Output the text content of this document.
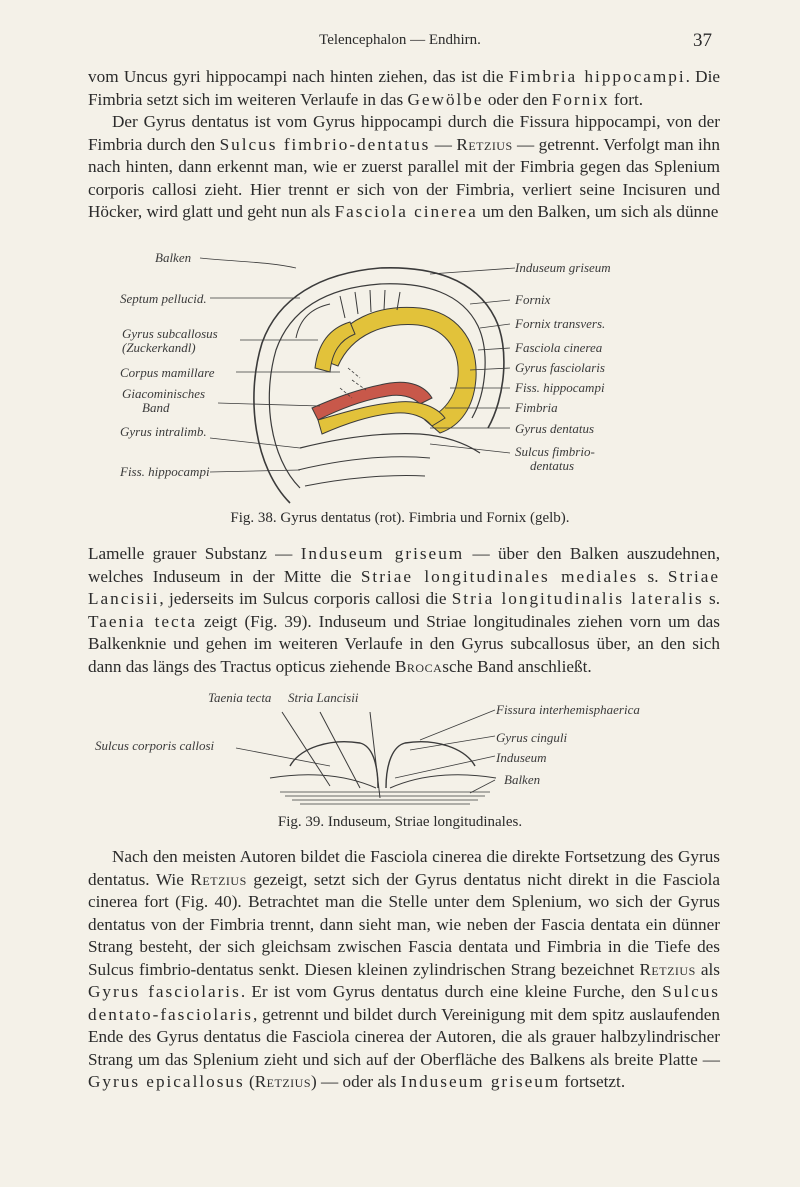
Telencephalon — Endhirn.	37

vom Uncus gyri hippocampi nach hinten ziehen, das ist die Fimbria hippocampi. Die Fimbria setzt sich im weiteren Verlaufe in das Gewölbe oder den Fornix fort.

Der Gyrus dentatus ist vom Gyrus hippocampi durch die Fissura hippocampi, von der Fimbria durch den Sulcus fimbrio-dentatus — Retzius — getrennt. Verfolgt man ihn nach hinten, dann erkennt man, wie er zuerst parallel mit der Fimbria gegen das Splenium corporis callosi zieht. Hier trennt er sich von der Fimbria, verliert seine Incisuren und Höcker, wird glatt und geht nun als Fasciola cinerea um den Balken, um sich als dünne

Balken
Septum pellucid.
Gyrus subcallosus
(Zuckerkandl)
Corpus mamillare
Giacominisches
Band
Gyrus intralimb.
Fiss. hippocampi
Induseum griseum
Fornix
Fornix transvers.
Fasciola cinerea
Gyrus fasciolaris
Fiss. hippocampi
Fimbria
Gyrus dentatus
Sulcus fimbrio-
dentatus
Fig. 38. Gyrus dentatus (rot). Fimbria und Fornix (gelb).

Lamelle grauer Substanz — Induseum griseum — über den Balken auszudehnen, welches Induseum in der Mitte die Striae longitudinales mediales s. Striae Lancisii, jederseits im Sulcus corporis callosi die Stria longitudinalis lateralis s. Taenia tecta zeigt (Fig. 39). Induseum und Striae longitudinales ziehen vorn um das Balkenknie und gehen im weiteren Verlaufe in den Gyrus subcallosus über, an den sich dann das längs des Tractus opticus ziehende Brocasche Band anschließt.

Taenia tecta Stria Lancisii
Sulcus corporis callosi
Fissura interhemisphaerica
Gyrus cinguli
Induseum
Balken
Fig. 39. Induseum, Striae longitudinales.

Nach den meisten Autoren bildet die Fasciola cinerea die direkte Fortsetzung des Gyrus dentatus. Wie Retzius gezeigt, setzt sich der Gyrus dentatus nicht direkt in die Fasciola cinerea fort (Fig. 40). Betrachtet man die Stelle unter dem Splenium, wo sich der Gyrus dentatus von der Fimbria trennt, dann sieht man, wie neben der Fascia dentata ein dünner Strang besteht, der sich gleichsam zwischen Fascia dentata und Fimbria in die Tiefe des Sulcus fimbrio-dentatus senkt. Diesen kleinen zylindrischen Strang bezeichnet Retzius als Gyrus fasciolaris. Er ist vom Gyrus dentatus durch eine kleine Furche, den Sulcus dentato-fasciolaris, getrennt und bildet durch Vereinigung mit dem spitz auslaufenden Ende des Gyrus dentatus die Fasciola cinerea der Autoren, die als grauer halbzylindrischer Strang um das Splenium zieht und sich auf der Oberfläche des Balkens als breite Platte — Gyrus epicallosus (Retzius) — oder als Induseum griseum fortsetzt.
